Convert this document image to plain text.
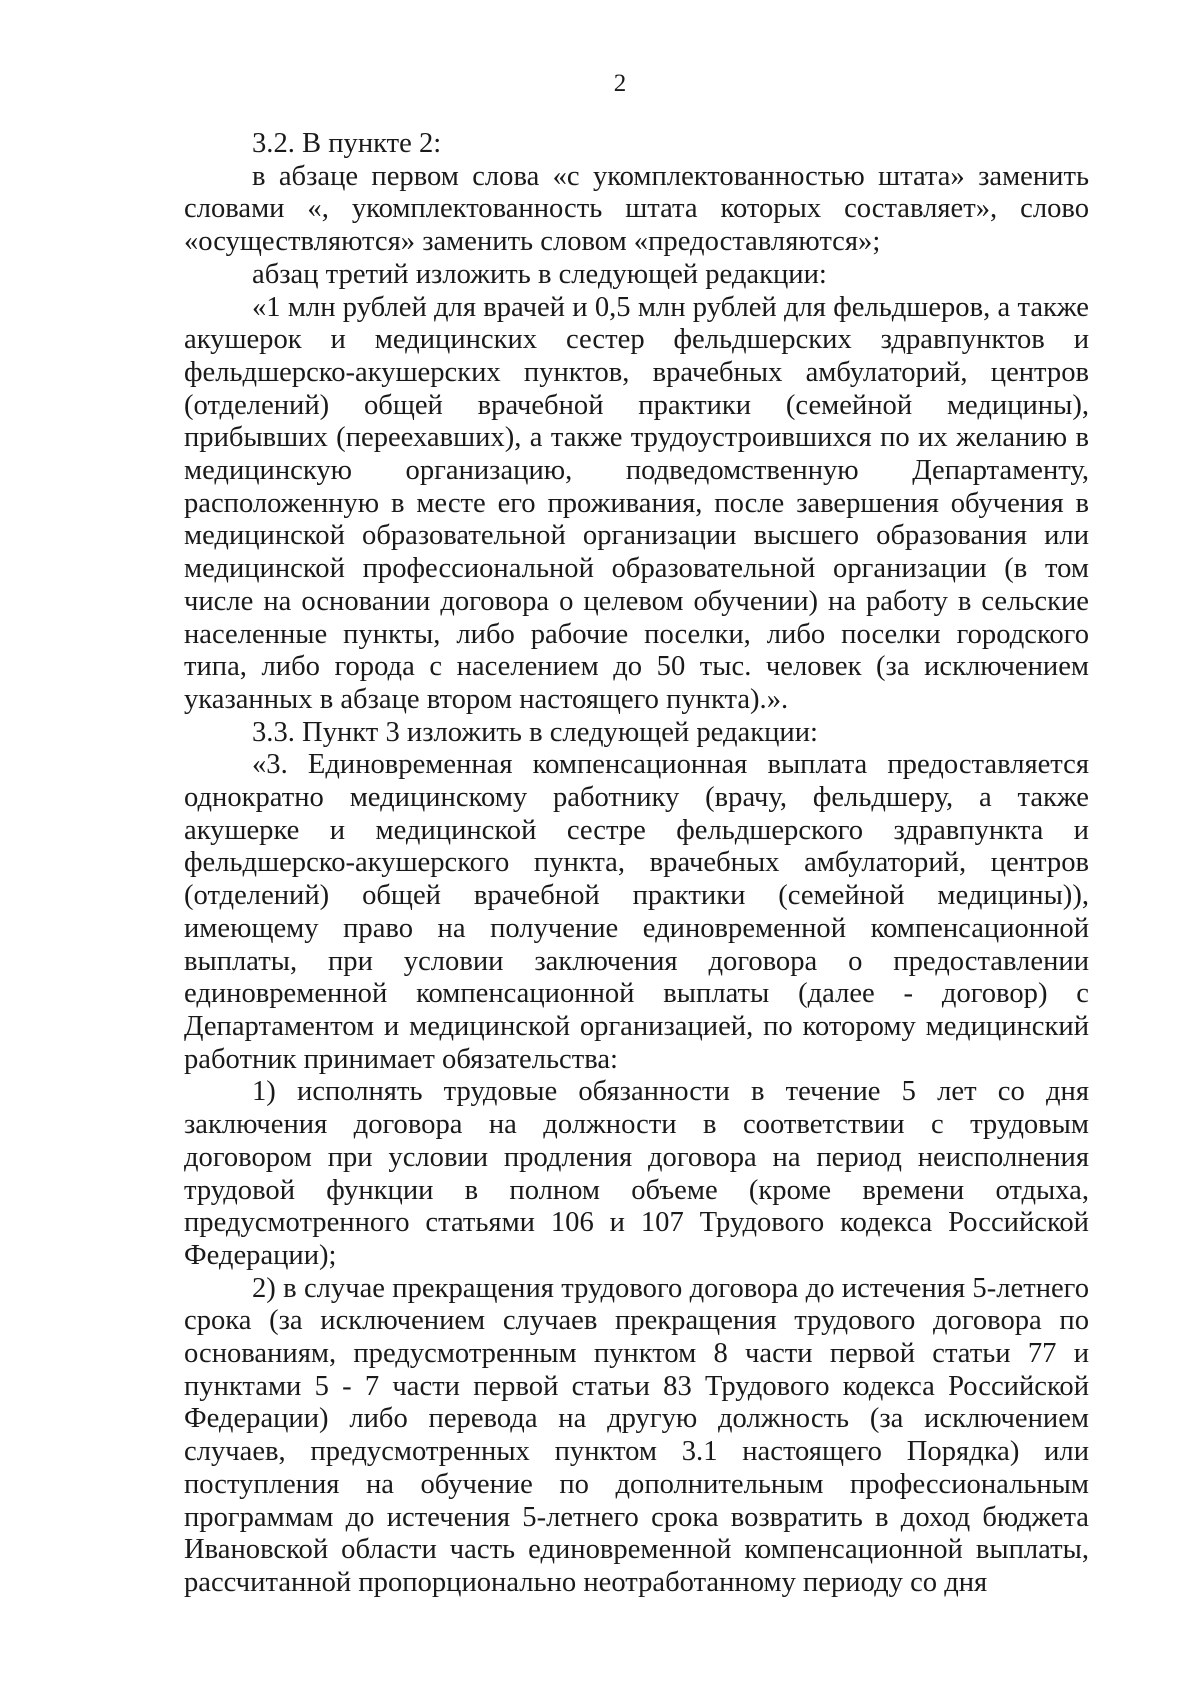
2

3.2. В пункте 2:

в абзаце первом слова «с укомплектованностью штата» заменить словами «, укомплектованность штата которых составляет», слово «осуществляются» заменить словом «предоставляются»;

абзац третий изложить в следующей редакции:

«1 млн рублей для врачей и 0,5 млн рублей для фельдшеров, а также акушерок и медицинских сестер фельдшерских здравпунктов и фельдшерско-акушерских пунктов, врачебных амбулаторий, центров (отделений) общей врачебной практики (семейной медицины), прибывших (переехавших), а также трудоустроившихся по их желанию в медицинскую организацию, подведомственную Департаменту, расположенную в месте его проживания, после завершения обучения в медицинской образовательной организации высшего образования или медицинской профессиональной образовательной организации (в том числе на основании договора о целевом обучении) на работу в сельские населенные пункты, либо рабочие поселки, либо поселки городского типа, либо города с населением до 50 тыс. человек (за исключением указанных в абзаце втором настоящего пункта).».

3.3. Пункт 3 изложить в следующей редакции:

«3. Единовременная компенсационная выплата предоставляется однократно медицинскому работнику (врачу, фельдшеру, а также акушерке и медицинской сестре фельдшерского здравпункта и фельдшерско-акушерского пункта, врачебных амбулаторий, центров (отделений) общей врачебной практики (семейной медицины)), имеющему право на получение единовременной компенсационной выплаты, при условии заключения договора о предоставлении единовременной компенсационной выплаты (далее - договор) с Департаментом и медицинской организацией, по которому медицинский работник принимает обязательства:

1) исполнять трудовые обязанности в течение 5 лет со дня заключения договора на должности в соответствии с трудовым договором при условии продления договора на период неисполнения трудовой функции в полном объеме (кроме времени отдыха, предусмотренного статьями 106 и 107 Трудового кодекса Российской Федерации);

2) в случае прекращения трудового договора до истечения 5-летнего срока (за исключением случаев прекращения трудового договора по основаниям, предусмотренным пунктом 8 части первой статьи 77 и пунктами 5 - 7 части первой статьи 83 Трудового кодекса Российской Федерации) либо перевода на другую должность (за исключением случаев, предусмотренных пунктом 3.1 настоящего Порядка) или поступления на обучение по дополнительным профессиональным программам до истечения 5-летнего срока возвратить в доход бюджета Ивановской области часть единовременной компенсационной выплаты, рассчитанной пропорционально неотработанному периоду со дня
